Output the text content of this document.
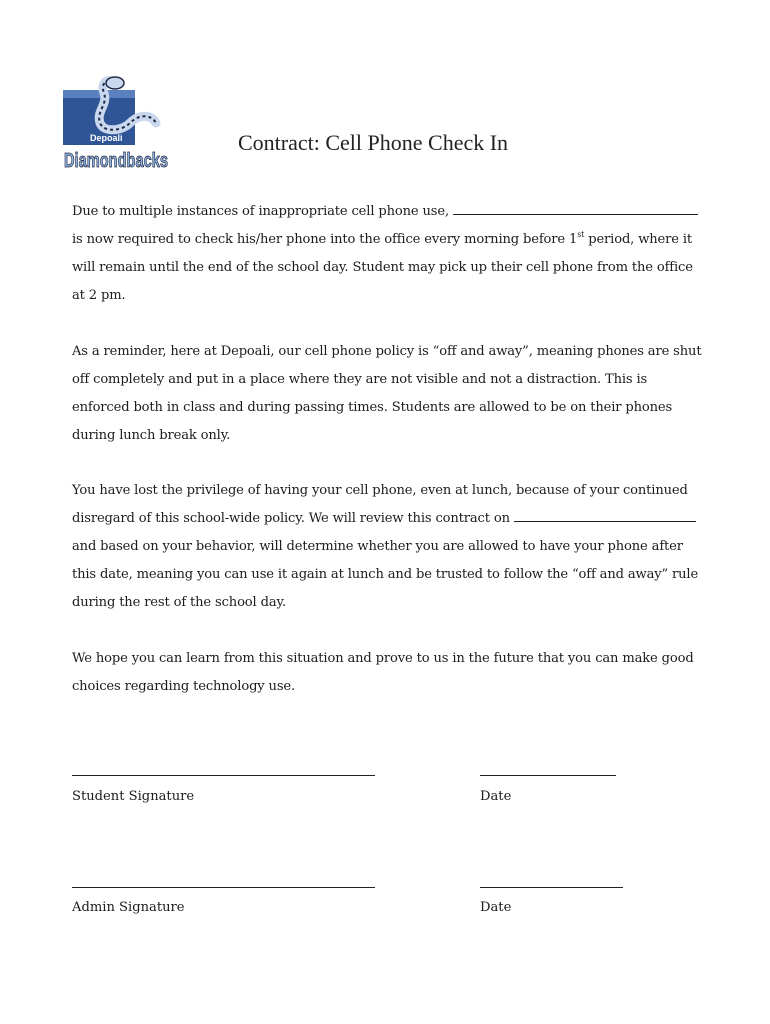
Depoali
Diamondbacks
Contract: Cell Phone Check In
Due to multiple instances of inappropriate cell phone use,  is now required to check his/her phone into the office every morning before 1st period, where it will remain until the end of the school day. Student may pick up their cell phone from the office at 2 pm.
As a reminder, here at Depoali, our cell phone policy is “off and away”, meaning phones are shut off completely and put in a place where they are not visible and not a distraction. This is enforced both in class and during passing times. Students are allowed to be on their phones during lunch break only.
You have lost the privilege of having your cell phone, even at lunch, because of your continued disregard of this school-wide policy. We will review this contract on  and based on your behavior, will determine whether you are allowed to have your phone after this date, meaning you can use it again at lunch and be trusted to follow the “off and away” rule during the rest of the school day.
We hope you can learn from this situation and prove to us in the future that you can make good choices regarding technology use.
Student Signature	Date
Admin Signature	Date
